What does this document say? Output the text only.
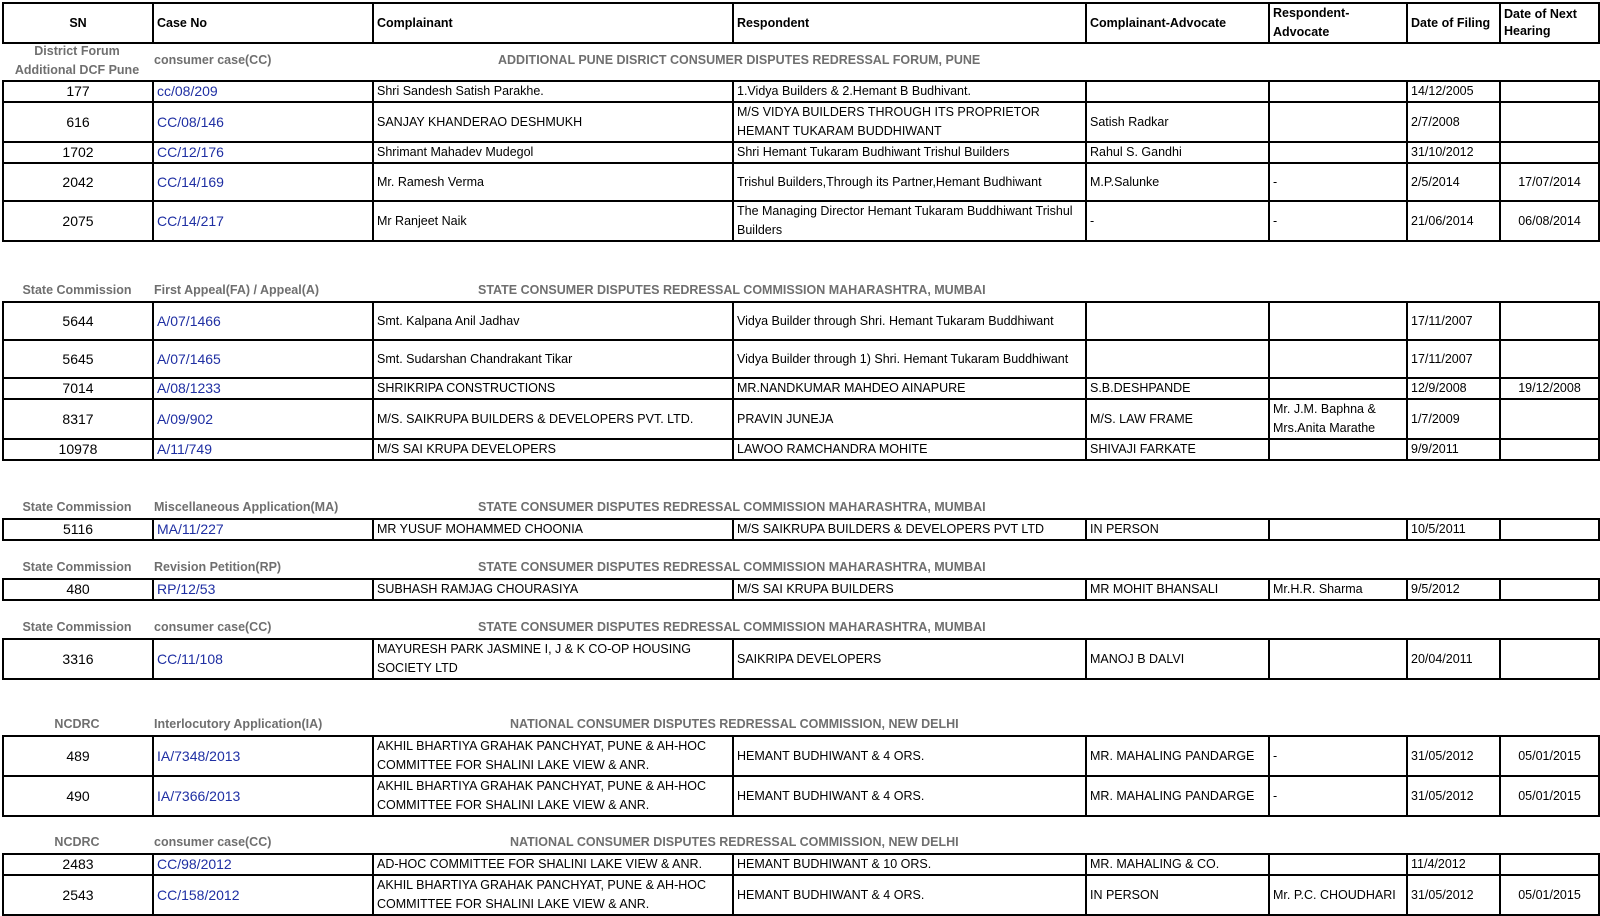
SN	Case No	Complainant	Respondent	Complainant-Advocate	Respondent-Advocate	Date of Filing	Date of Next Hearing
District Forum
Additional DCF Pune
consumer case(CC)	ADDITIONAL PUNE DISRICT CONSUMER DISPUTES REDRESSAL FORUM, PUNE
177	cc/08/209	Shri Sandesh Satish Parakhe.	1.Vidya Builders & 2.Hemant B Budhivant.			14/12/2005	
616	CC/08/146	SANJAY KHANDERAO DESHMUKH	M/S VIDYA BUILDERS THROUGH ITS PROPRIETOR HEMANT TUKARAM BUDDHIWANT	Satish Radkar		2/7/2008	
1702	CC/12/176	Shrimant Mahadev Mudegol	Shri Hemant Tukaram Budhiwant Trishul Builders	Rahul S. Gandhi		31/10/2012	
2042	CC/14/169	Mr. Ramesh Verma	Trishul Builders,Through its Partner,Hemant Budhiwant	M.P.Salunke	-	2/5/2014	17/07/2014
2075	CC/14/217	Mr Ranjeet Naik	The Managing Director Hemant Tukaram Buddhiwant Trishul Builders	-	-	21/06/2014	06/08/2014
State Commission	First Appeal(FA) / Appeal(A)	STATE CONSUMER DISPUTES REDRESSAL COMMISSION MAHARASHTRA, MUMBAI
5644	A/07/1466	Smt. Kalpana Anil Jadhav	Vidya Builder through Shri. Hemant Tukaram Buddhiwant			17/11/2007	
5645	A/07/1465	Smt. Sudarshan Chandrakant Tikar	Vidya Builder through 1) Shri. Hemant Tukaram Buddhiwant			17/11/2007	
7014	A/08/1233	SHRIKRIPA CONSTRUCTIONS	MR.NANDKUMAR MAHDEO AINAPURE	S.B.DESHPANDE		12/9/2008	19/12/2008
8317	A/09/902	M/S. SAIKRUPA BUILDERS & DEVELOPERS PVT. LTD.	PRAVIN JUNEJA	M/S. LAW FRAME	Mr. J.M. Baphna & Mrs.Anita Marathe	1/7/2009	
10978	A/11/749	M/S SAI KRUPA DEVELOPERS	LAWOO RAMCHANDRA MOHITE	SHIVAJI FARKATE		9/9/2011	
State Commission	Miscellaneous Application(MA)	STATE CONSUMER DISPUTES REDRESSAL COMMISSION MAHARASHTRA, MUMBAI
5116	MA/11/227	MR YUSUF MOHAMMED CHOONIA	M/S SAIKRUPA BUILDERS & DEVELOPERS PVT LTD	IN PERSON		10/5/2011	
State Commission	Revision Petition(RP)	STATE CONSUMER DISPUTES REDRESSAL COMMISSION MAHARASHTRA, MUMBAI
480	RP/12/53	SUBHASH RAMJAG CHOURASIYA	M/S SAI KRUPA BUILDERS	MR MOHIT BHANSALI	Mr.H.R. Sharma	9/5/2012	
State Commission	consumer case(CC)	STATE CONSUMER DISPUTES REDRESSAL COMMISSION MAHARASHTRA, MUMBAI
3316	CC/11/108	MAYURESH PARK JASMINE I, J & K CO-OP HOUSING SOCIETY LTD	SAIKRIPA DEVELOPERS	MANOJ B DALVI		20/04/2011	
NCDRC	Interlocutory Application(IA)	NATIONAL CONSUMER DISPUTES REDRESSAL COMMISSION, NEW DELHI
489	IA/7348/2013	AKHIL BHARTIYA GRAHAK PANCHYAT, PUNE & AH-HOC COMMITTEE FOR SHALINI LAKE VIEW & ANR.	HEMANT BUDHIWANT & 4 ORS.	MR. MAHALING PANDARGE	-	31/05/2012	05/01/2015
490	IA/7366/2013	AKHIL BHARTIYA GRAHAK PANCHYAT, PUNE & AH-HOC COMMITTEE FOR SHALINI LAKE VIEW & ANR.	HEMANT BUDHIWANT & 4 ORS.	MR. MAHALING PANDARGE	-	31/05/2012	05/01/2015
NCDRC	consumer case(CC)	NATIONAL CONSUMER DISPUTES REDRESSAL COMMISSION, NEW DELHI
2483	CC/98/2012	AD-HOC COMMITTEE FOR SHALINI LAKE VIEW & ANR.	HEMANT BUDHIWANT & 10 ORS.	MR. MAHALING & CO.		11/4/2012	
2543	CC/158/2012	AKHIL BHARTIYA GRAHAK PANCHYAT, PUNE & AH-HOC COMMITTEE FOR SHALINI LAKE VIEW & ANR.	HEMANT BUDHIWANT & 4 ORS.	IN PERSON	Mr. P.C. CHOUDHARI	31/05/2012	05/01/2015
